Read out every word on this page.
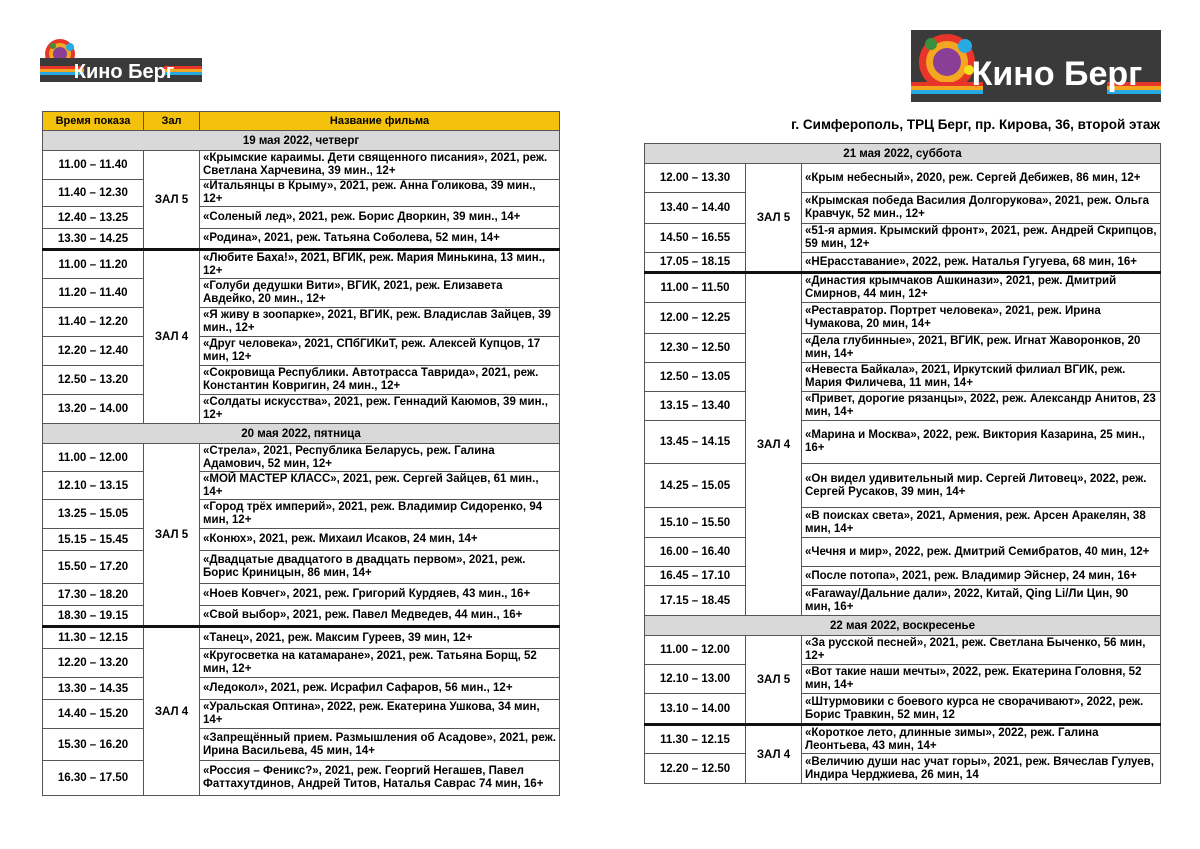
Кино Берг	Кино Берг
г. Симферополь, ТРЦ Берг, пр. Кирова, 36, второй этаж
Время показа	Зал	Название фильма
19 мая 2022, четверг		
11.00 – 11.40	ЗАЛ 5	«Крымские караимы. Дети священного писания», 2021, реж. Светлана Харчевина, 39 мин., 12+
11.40 – 12.30		«Итальянцы в Крыму», 2021, реж. Анна Голикова, 39 мин., 12+
12.40 – 13.25		«Соленый лед», 2021, реж. Борис Дворкин, 39 мин., 14+
13.30 – 14.25		«Родина», 2021, реж. Татьяна Соболева, 52 мин, 14+
11.00 – 11.20	ЗАЛ 4	«Любите Баха!», 2021, ВГИК, реж. Мария Минькина, 13 мин., 12+
11.20 – 11.40		«Голуби дедушки Вити», ВГИК, 2021, реж. Елизавета Авдейко, 20 мин., 12+
11.40 – 12.20		«Я живу в зоопарке», 2021, ВГИК, реж. Владислав Зайцев, 39 мин., 12+
12.20 – 12.40		«Друг человека», 2021, СПбГИКиТ, реж. Алексей Купцов, 17 мин, 12+
12.50 – 13.20		«Сокровища Республики. Автотрасса Таврида», 2021, реж. Константин Ковригин, 24 мин., 12+
13.20 – 14.00		«Солдаты искусства», 2021, реж. Геннадий Каюмов, 39 мин., 12+
20 мая 2022, пятница		
11.00 – 12.00	ЗАЛ 5	«Стрела», 2021, Республика Беларусь, реж. Галина Адамович, 52 мин, 12+
12.10 – 13.15		«МОЙ МАСТЕР КЛАСС», 2021, реж. Сергей Зайцев, 61 мин., 14+
13.25 – 15.05		«Город трёх империй», 2021, реж. Владимир Сидоренко, 94 мин, 12+
15.15 – 15.45		«Конюх», 2021, реж. Михаил Исаков, 24 мин, 14+
15.50 – 17.20		«Двадцатые двадцатого в двадцать первом», 2021, реж. Борис Криницын, 86 мин, 14+
17.30 – 18.20		«Ноев Ковчег», 2021, реж. Григорий Курдяев, 43 мин., 16+
18.30 – 19.15		«Свой выбор», 2021, реж. Павел Медведев, 44 мин., 16+
11.30 – 12.15	ЗАЛ 4	«Танец», 2021, реж. Максим Гуреев, 39 мин, 12+
12.20 – 13.20		«Кругосветка на катамаране», 2021, реж. Татьяна Борщ, 52 мин, 12+
13.30 – 14.35		«Ледокол», 2021, реж. Исрафил Сафаров, 56 мин., 12+
14.40 – 15.20		«Уральская Оптина», 2022, реж. Екатерина Ушкова, 34 мин, 14+
15.30 – 16.20		«Запрещённый прием. Размышления об Асадове», 2021, реж. Ирина Васильева, 45 мин, 14+
16.30 – 17.50		«Россия – Феникс?», 2021, реж. Георгий Негашев, Павел Фаттахутдинов, Андрей Титов, Наталья Саврас 74 мин, 16+
21 мая 2022, суббота		
12.00 – 13.30	ЗАЛ 5	«Крым небесный», 2020, реж. Сергей Дебижев, 86 мин, 12+
13.40 – 14.40		«Крымская победа Василия Долгорукова», 2021, реж. Ольга Кравчук, 52 мин., 12+
14.50 – 16.55		«51-я армия. Крымский фронт», 2021, реж. Андрей Скрипцов, 59 мин, 12+
17.05 – 18.15		«НЕрасставание», 2022, реж. Наталья Гугуева, 68 мин, 16+
11.00 – 11.50	ЗАЛ 4	«Династия крымчаков Ашкинази», 2021, реж. Дмитрий Смирнов, 44 мин, 12+
12.00 – 12.25		«Реставратор. Портрет человека», 2021, реж. Ирина Чумакова, 20 мин, 14+
12.30 – 12.50		«Дела глубинные», 2021, ВГИК, реж. Игнат Жаворонков, 20 мин, 14+
12.50 – 13.05		«Невеста Байкала», 2021, Иркутский филиал ВГИК, реж. Мария Филичева, 11 мин, 14+
13.15 – 13.40		«Привет, дорогие рязанцы», 2022, реж. Александр Анитов, 23 мин, 14+
13.45 – 14.15		«Марина и Москва», 2022, реж. Виктория Казарина, 25 мин., 16+
14.25 – 15.05		«Он видел удивительный мир. Сергей Литовец», 2022, реж. Сергей Русаков, 39 мин, 14+
15.10 – 15.50		«В поисках света», 2021, Армения, реж. Арсен Аракелян, 38 мин, 14+
16.00 – 16.40		«Чечня и мир», 2022, реж. Дмитрий Семибратов, 40 мин, 12+
16.45 – 17.10		«После потопа», 2021, реж. Владимир Эйснер, 24 мин, 16+
17.15 – 18.45		«Faraway/Дальние дали», 2022, Китай, Qing Li/Ли Цин, 90 мин, 16+
22 мая 2022, воскресенье		
11.00 – 12.00	ЗАЛ 5	«За русской песней», 2021, реж. Светлана Быченко, 56 мин, 12+
12.10 – 13.00		«Вот такие наши мечты», 2022, реж. Екатерина Головня, 52 мин, 14+
13.10 – 14.00		«Штурмовики с боевого курса не сворачивают», 2022, реж. Борис Травкин, 52 мин, 12
11.30 – 12.15	ЗАЛ 4	«Короткое лето, длинные зимы», 2022, реж. Галина Леонтьева, 43 мин, 14+
12.20 – 12.50		«Величию души нас учат горы», 2021, реж. Вячеслав Гулуев, Индира Черджиева, 26 мин, 14
